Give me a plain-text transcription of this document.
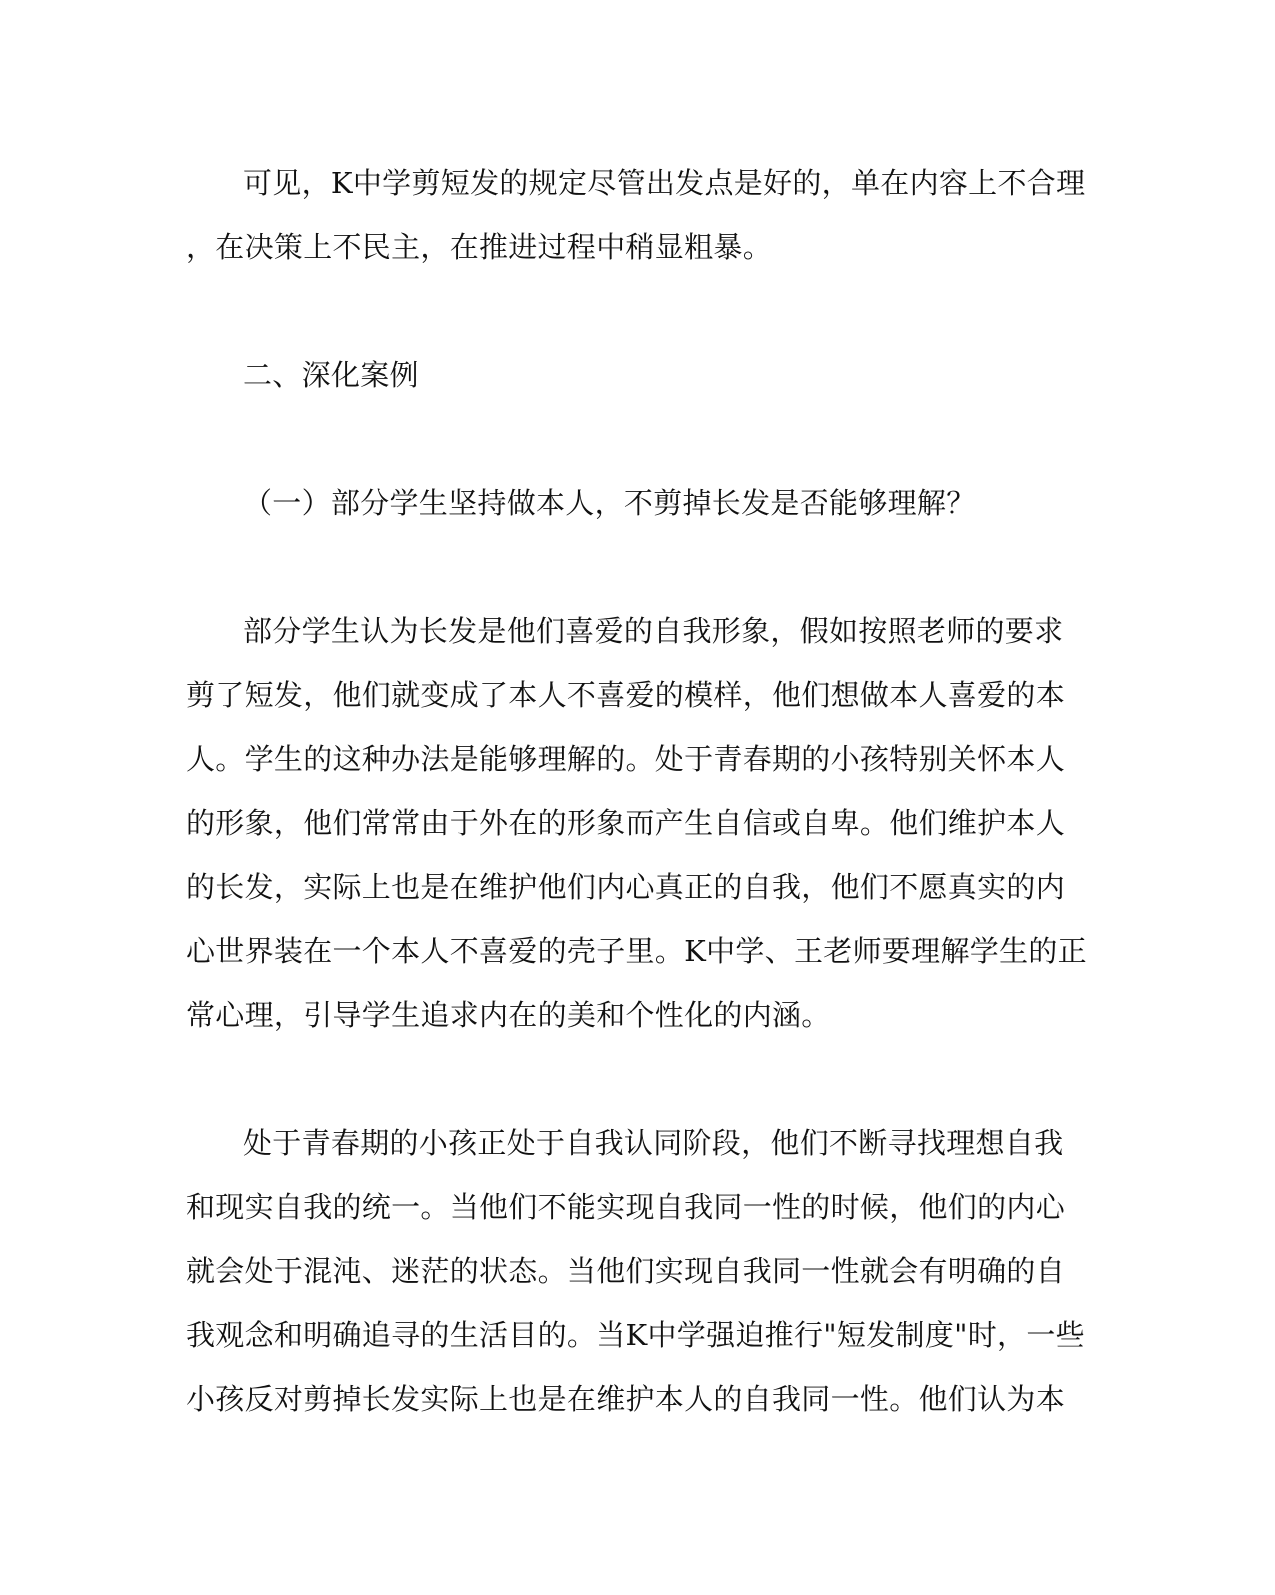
可见，K中学剪短发的规定尽管出发点是好的，单在内容上不合理
，在决策上不民主，在推进过程中稍显粗暴。
二、深化案例
（一）部分学生坚持做本人，不剪掉长发是否能够理解？
部分学生认为长发是他们喜爱的自我形象，假如按照老师的要求
剪了短发，他们就变成了本人不喜爱的模样，他们想做本人喜爱的本
人。学生的这种办法是能够理解的。处于青春期的小孩特别关怀本人
的形象，他们常常由于外在的形象而产生自信或自卑。他们维护本人
的长发，实际上也是在维护他们内心真正的自我，他们不愿真实的内
心世界装在一个本人不喜爱的壳子里。K中学、王老师要理解学生的正
常心理，引导学生追求内在的美和个性化的内涵。
处于青春期的小孩正处于自我认同阶段，他们不断寻找理想自我
和现实自我的统一。当他们不能实现自我同一性的时候，他们的内心
就会处于混沌、迷茫的状态。当他们实现自我同一性就会有明确的自
我观念和明确追寻的生活目的。当K中学强迫推行"短发制度"时，一些
小孩反对剪掉长发实际上也是在维护本人的自我同一性。他们认为本
